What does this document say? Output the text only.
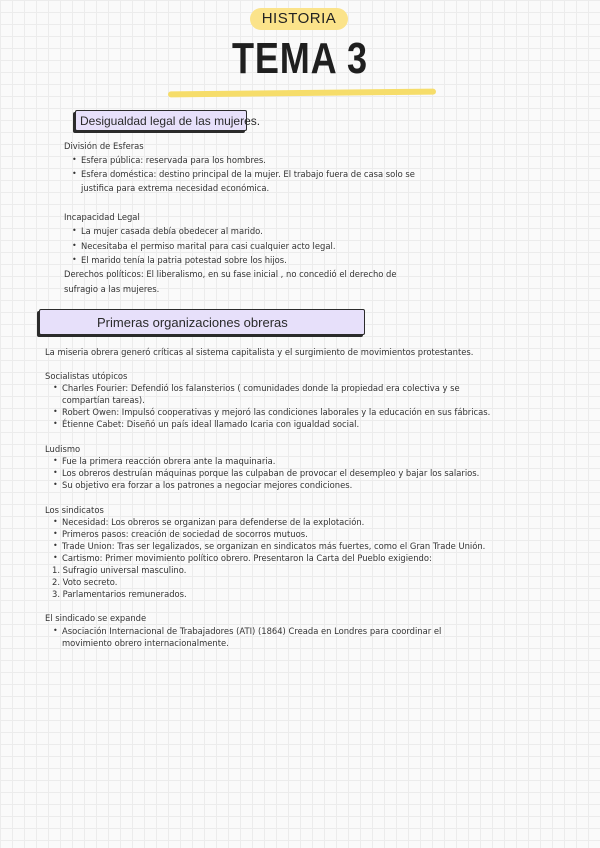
HISTORIA
TEMA 3
Desigualdad legal de las mujeres.
División de Esferas
• Esfera pública: reservada para los hombres.
• Esfera doméstica: destino principal de la mujer. El trabajo fuera de casa solo se
justifica para extrema necesidad económica.
Incapacidad Legal
• La mujer casada debía obedecer al marido.
• Necesitaba el permiso marital para casi cualquier acto legal.
• El marido tenía la patria potestad sobre los hijos.
Derechos políticos: El liberalismo, en su fase inicial , no concedió el derecho de
sufragio a las mujeres.
Primeras organizaciones obreras
La miseria obrera generó críticas al sistema capitalista y el surgimiento de movimientos protestantes.
Socialistas utópicos
• Charles Fourier: Defendió los falansterios ( comunidades donde la propiedad era colectiva y se
compartían tareas).
• Robert Owen: Impulsó cooperativas y mejoró las condiciones laborales y la educación en sus fábricas.
• Étienne Cabet: Diseñó un país ideal llamado Icaria con igualdad social.
Ludismo
• Fue la primera reacción obrera ante la maquinaria.
• Los obreros destruían máquinas porque las culpaban de provocar el desempleo y bajar los salarios.
• Su objetivo era forzar a los patrones a negociar mejores condiciones.
Los sindicatos
• Necesidad: Los obreros se organizan para defenderse de la explotación.
• Primeros pasos: creación de sociedad de socorros mutuos.
• Trade Union: Tras ser legalizados, se organizan en sindicatos más fuertes, como el Gran Trade Unión.
• Cartismo: Primer movimiento político obrero. Presentaron la Carta del Pueblo exigiendo:
1. Sufragio universal masculino.
2. Voto secreto.
3. Parlamentarios remunerados.
El sindicado se expande
• Asociación Internacional de Trabajadores (ATI) (1864) Creada en Londres para coordinar el
movimiento obrero internacionalmente.
